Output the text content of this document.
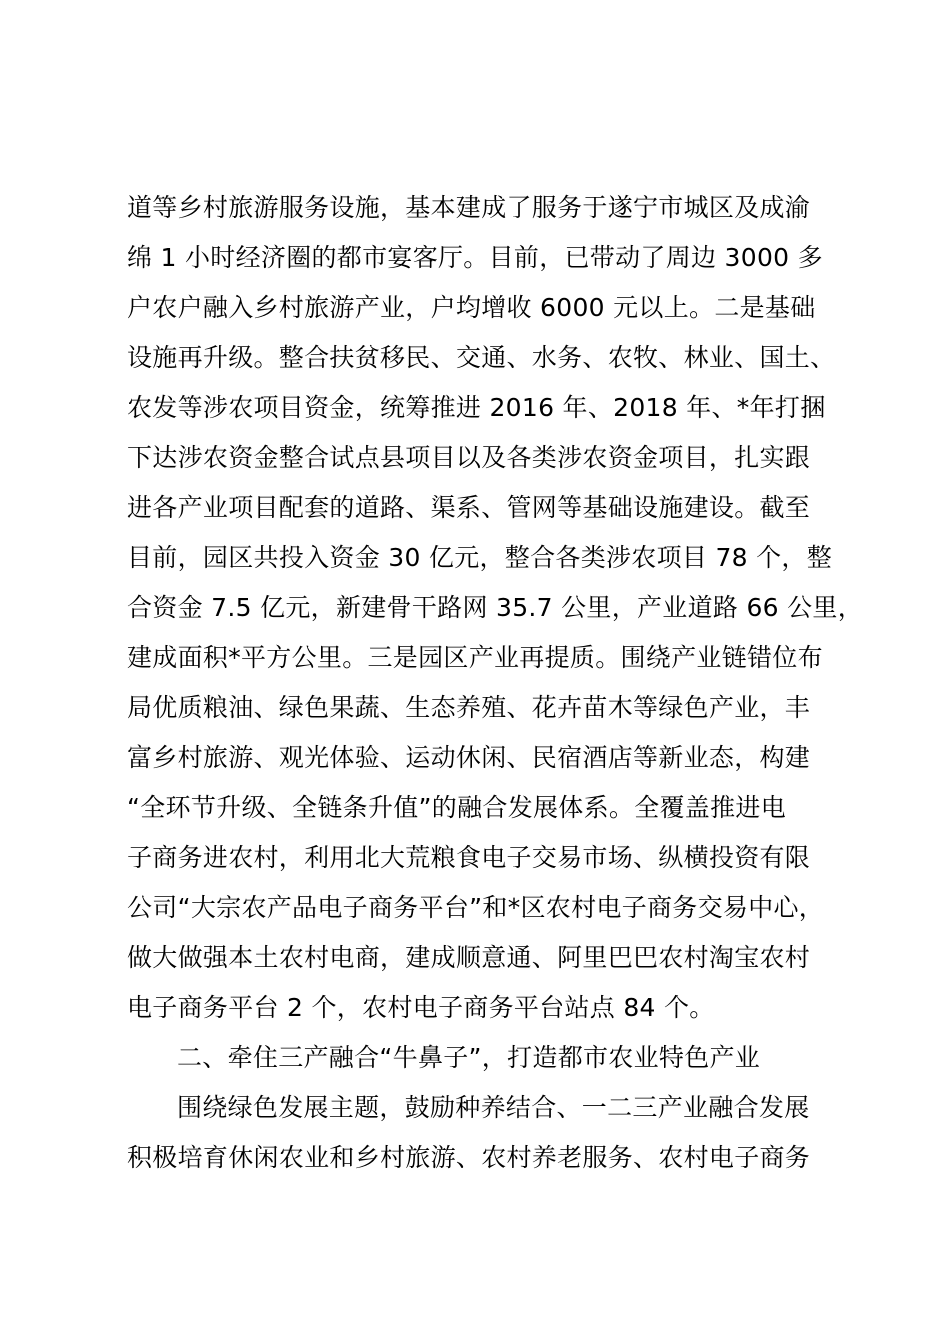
道等乡村旅游服务设施，基本建成了服务于遂宁市城区及成渝
绵 1 小时经济圈的都市宴客厅。目前，已带动了周边 3000 多
户农户融入乡村旅游产业，户均增收 6000 元以上。二是基础
设施再升级。整合扶贫移民、交通、水务、农牧、林业、国土、
农发等涉农项目资金，统筹推进 2016 年、2018 年、*年打捆
下达涉农资金整合试点县项目以及各类涉农资金项目，扎实跟
进各产业项目配套的道路、渠系、管网等基础设施建设。截至
目前，园区共投入资金 30 亿元，整合各类涉农项目 78 个，整
合资金 7.5 亿元，新建骨干路网 35.7 公里，产业道路 66 公里，
建成面积*平方公里。三是园区产业再提质。围绕产业链错位布
局优质粮油、绿色果蔬、生态养殖、花卉苗木等绿色产业，丰
富乡村旅游、观光体验、运动休闲、民宿酒店等新业态，构建
“全环节升级、全链条升值”的融合发展体系。全覆盖推进电
子商务进农村，利用北大荒粮食电子交易市场、纵横投资有限
公司“大宗农产品电子商务平台”和*区农村电子商务交易中心，
做大做强本土农村电商，建成顺意通、阿里巴巴农村淘宝农村
电子商务平台 2 个，农村电子商务平台站点 84 个。
二、牵住三产融合“牛鼻子”，打造都市农业特色产业
围绕绿色发展主题，鼓励种养结合、一二三产业融合发展
积极培育休闲农业和乡村旅游、农村养老服务、农村电子商务
